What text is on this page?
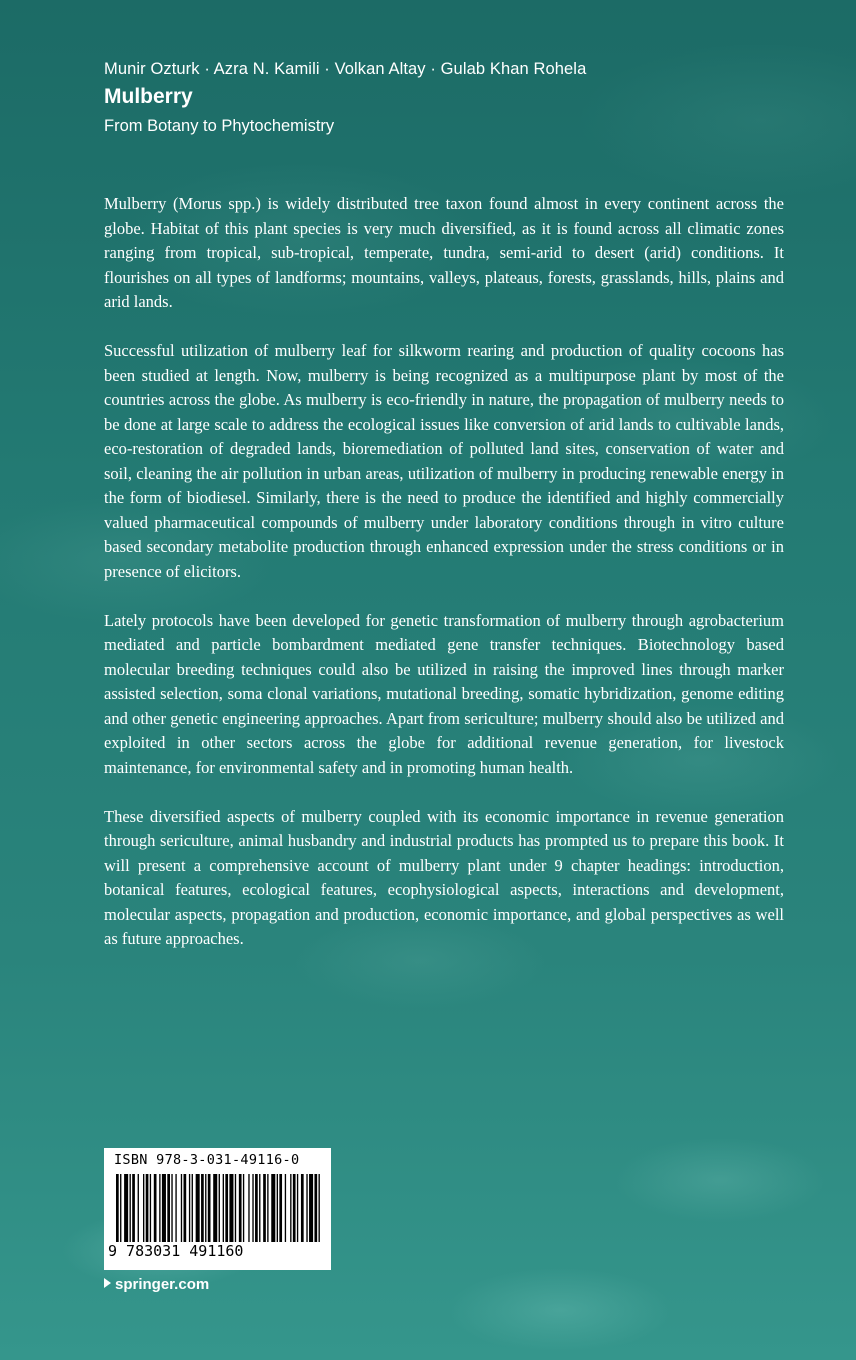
Munir Ozturk · Azra N. Kamili · Volkan Altay · Gulab Khan Rohela
Mulberry
From Botany to Phytochemistry

Mulberry (Morus spp.) is widely distributed tree taxon found almost in every continent across the globe. Habitat of this plant species is very much diversified, as it is found across all climatic zones ranging from tropical, sub-tropical, temperate, tundra, semi-arid to desert (arid) conditions. It flourishes on all types of landforms; mountains, valleys, plateaus, forests, grasslands, hills, plains and arid lands.

Successful utilization of mulberry leaf for silkworm rearing and production of quality cocoons has been studied at length. Now, mulberry is being recognized as a multipurpose plant by most of the countries across the globe. As mulberry is eco-friendly in nature, the propagation of mulberry needs to be done at large scale to address the ecological issues like conversion of arid lands to cultivable lands, eco-restoration of degraded lands, bioremediation of polluted land sites, conservation of water and soil, cleaning the air pollution in urban areas, utilization of mulberry in producing renewable energy in the form of biodiesel. Similarly, there is the need to produce the identified and highly commercially valued pharmaceutical compounds of mulberry under laboratory conditions through in vitro culture based secondary metabolite production through enhanced expression under the stress conditions or in presence of elicitors.

Lately protocols have been developed for genetic transformation of mulberry through agrobacterium mediated and particle bombardment mediated gene transfer techniques. Biotechnology based molecular breeding techniques could also be utilized in raising the improved lines through marker assisted selection, soma clonal variations, mutational breeding, somatic hybridization, genome editing and other genetic engineering approaches. Apart from sericulture; mulberry should also be utilized and exploited in other sectors across the globe for additional revenue generation, for livestock maintenance, for environmental safety and in promoting human health.

These diversified aspects of mulberry coupled with its economic importance in revenue generation through sericulture, animal husbandry and industrial products has prompted us to prepare this book. It will present a comprehensive account of mulberry plant under 9 chapter headings: introduction, botanical features, ecological features, ecophysiological aspects, interactions and development, molecular aspects, propagation and production, economic importance, and global perspectives as well as future approaches.

ISBN 978-3-031-49116-0
9 783031 491160
springer.com
